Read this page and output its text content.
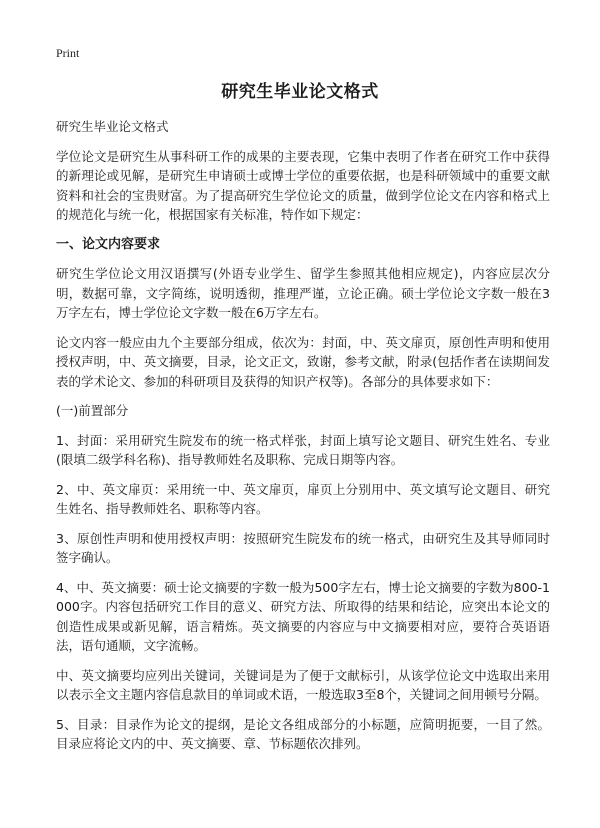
Print
研究生毕业论文格式

研究生毕业论文格式

学位论文是研究生从事科研工作的成果的主要表现，它集中表明了作者在研究工作中获得的新理论或见解，是研究生申请硕士或博士学位的重要依据，也是科研领域中的重要文献资料和社会的宝贵财富。为了提高研究生学位论文的质量，做到学位论文在内容和格式上的规范化与统一化，根据国家有关标准，特作如下规定：

一、论文内容要求

研究生学位论文用汉语撰写(外语专业学生、留学生参照其他相应规定)，内容应层次分明，数据可靠，文字简练，说明透彻，推理严谨，立论正确。硕士学位论文字数一般在3万字左右，博士学位论文字数一般在6万字左右。

论文内容一般应由九个主要部分组成，依次为：封面，中、英文扉页，原创性声明和使用授权声明，中、英文摘要，目录，论文正文，致谢，参考文献，附录(包括作者在读期间发表的学术论文、参加的科研项目及获得的知识产权等)。各部分的具体要求如下：

(一)前置部分

1、封面：采用研究生院发布的统一格式样张，封面上填写论文题目、研究生姓名、专业(限填二级学科名称)、指导教师姓名及职称、完成日期等内容。

2、中、英文扉页：采用统一中、英文扉页，扉页上分别用中、英文填写论文题目、研究生姓名、指导教师姓名、职称等内容。

3、原创性声明和使用授权声明：按照研究生院发布的统一格式，由研究生及其导师同时签字确认。

4、中、英文摘要：硕士论文摘要的字数一般为500字左右，博士论文摘要的字数为800-1000字。内容包括研究工作目的意义、研究方法、所取得的结果和结论，应突出本论文的创造性成果或新见解，语言精炼。英文摘要的内容应与中文摘要相对应，要符合英语语法，语句通顺，文字流畅。

中、英文摘要均应列出关键词，关键词是为了便于文献标引，从该学位论文中选取出来用以表示全文主题内容信息款目的单词或术语，一般选取3至8个，关键词之间用顿号分隔。

5、目录：目录作为论文的提纲，是论文各组成部分的小标题，应简明扼要，一目了然。目录应将论文内的中、英文摘要、章、节标题依次排列。
